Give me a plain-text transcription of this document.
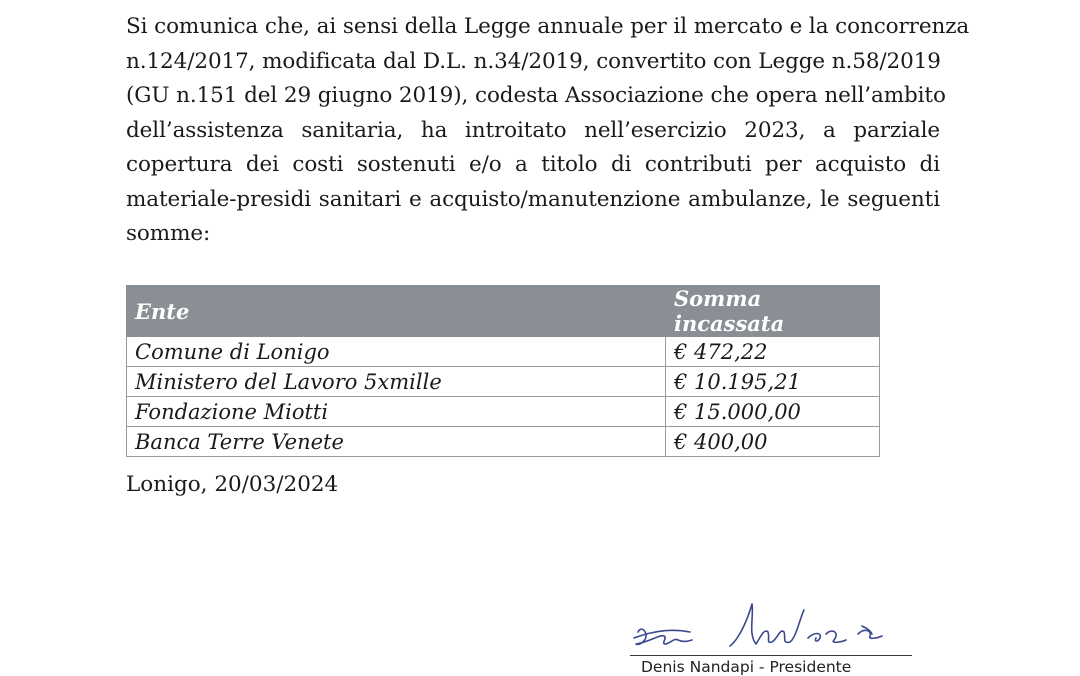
Si comunica che, ai sensi della Legge annuale per il mercato e la concorrenza
n.124/2017, modificata dal D.L. n.34/2019, convertito con Legge n.58/2019
(GU n.151 del 29 giugno 2019), codesta Associazione che opera nell’ambito
dell’assistenza sanitaria, ha introitato nell’esercizio 2023, a parziale
copertura dei costi sostenuti e/o a titolo di contributi per acquisto di
materiale-presidi sanitari e acquisto/manutenzione ambulanze, le seguenti
somme:
Ente	Somma incassata
Comune di Lonigo	€ 472,22
Ministero del Lavoro 5xmille	€ 10.195,21
Fondazione Miotti	€ 15.000,00
Banca Terre Venete	€ 400,00

Lonigo, 20/03/2024

Denis Nandapi - Presidente
